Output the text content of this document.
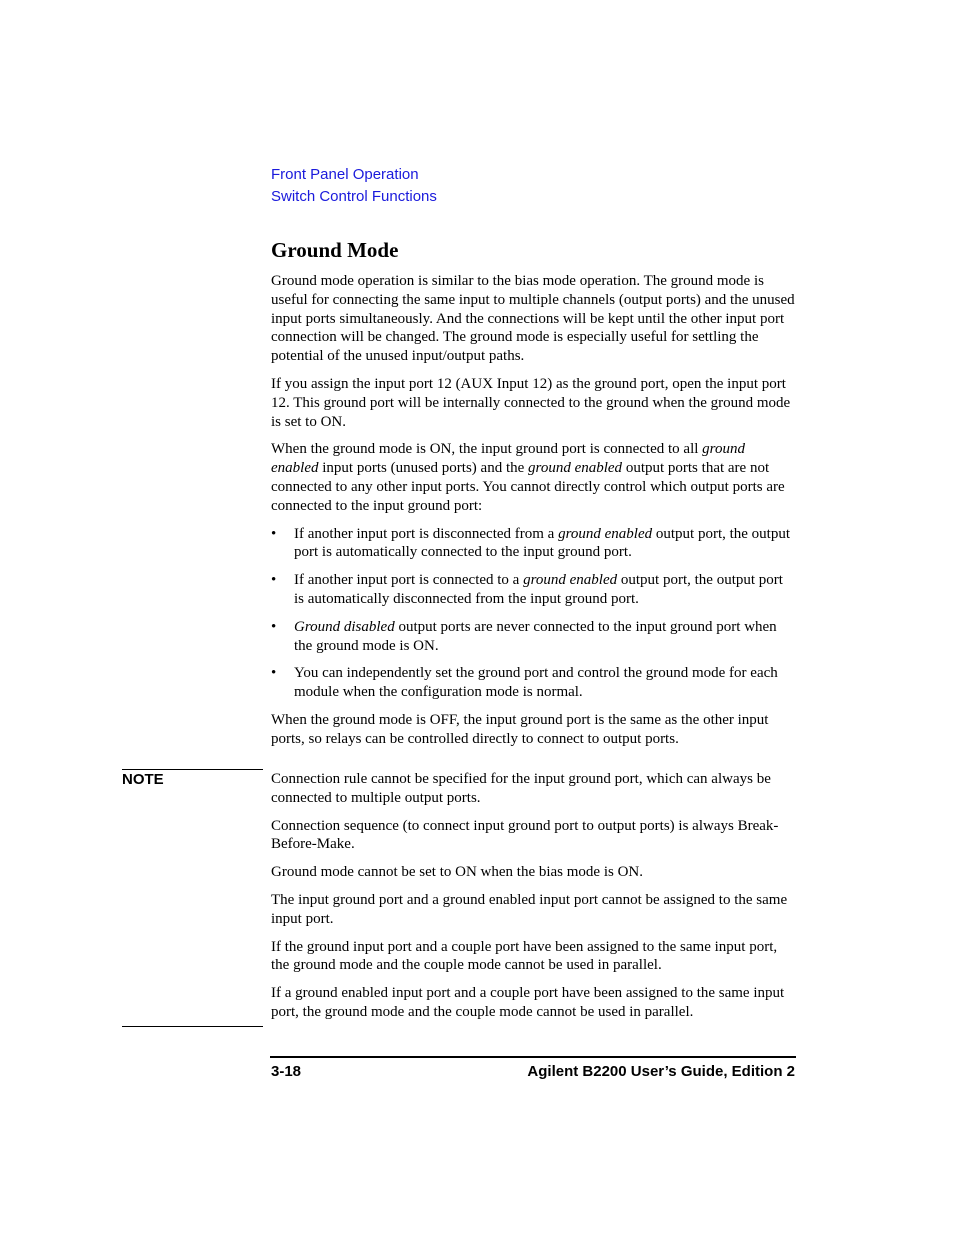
Front Panel Operation
Switch Control Functions
Ground Mode

Ground mode operation is similar to the bias mode operation. The ground mode is useful for connecting the same input to multiple channels (output ports) and the unused input ports simultaneously. And the connections will be kept until the other input port connection will be changed. The ground mode is especially useful for settling the potential of the unused input/output paths.

If you assign the input port 12 (AUX Input 12) as the ground port, open the input port 12. This ground port will be internally connected to the ground when the ground mode is set to ON.

When the ground mode is ON, the input ground port is connected to all ground enabled input ports (unused ports) and the ground enabled output ports that are not connected to any other input ports. You cannot directly control which output ports are connected to the input ground port:

• If another input port is disconnected from a ground enabled output port, the output port is automatically connected to the input ground port.
• If another input port is connected to a ground enabled output port, the output port is automatically disconnected from the input ground port.
• Ground disabled output ports are never connected to the input ground port when the ground mode is ON.
• You can independently set the ground port and control the ground mode for each module when the configuration mode is normal.

When the ground mode is OFF, the input ground port is the same as the other input ports, so relays can be controlled directly to connect to output ports.

NOTE	Connection rule cannot be specified for the input ground port, which can always be connected to multiple output ports.

Connection sequence (to connect input ground port to output ports) is always Break-Before-Make.

Ground mode cannot be set to ON when the bias mode is ON.

The input ground port and a ground enabled input port cannot be assigned to the same input port.

If the ground input port and a couple port have been assigned to the same input port, the ground mode and the couple mode cannot be used in parallel.

If a ground enabled input port and a couple port have been assigned to the same input port, the ground mode and the couple mode cannot be used in parallel.

3-18	Agilent B2200 User’s Guide, Edition 2
